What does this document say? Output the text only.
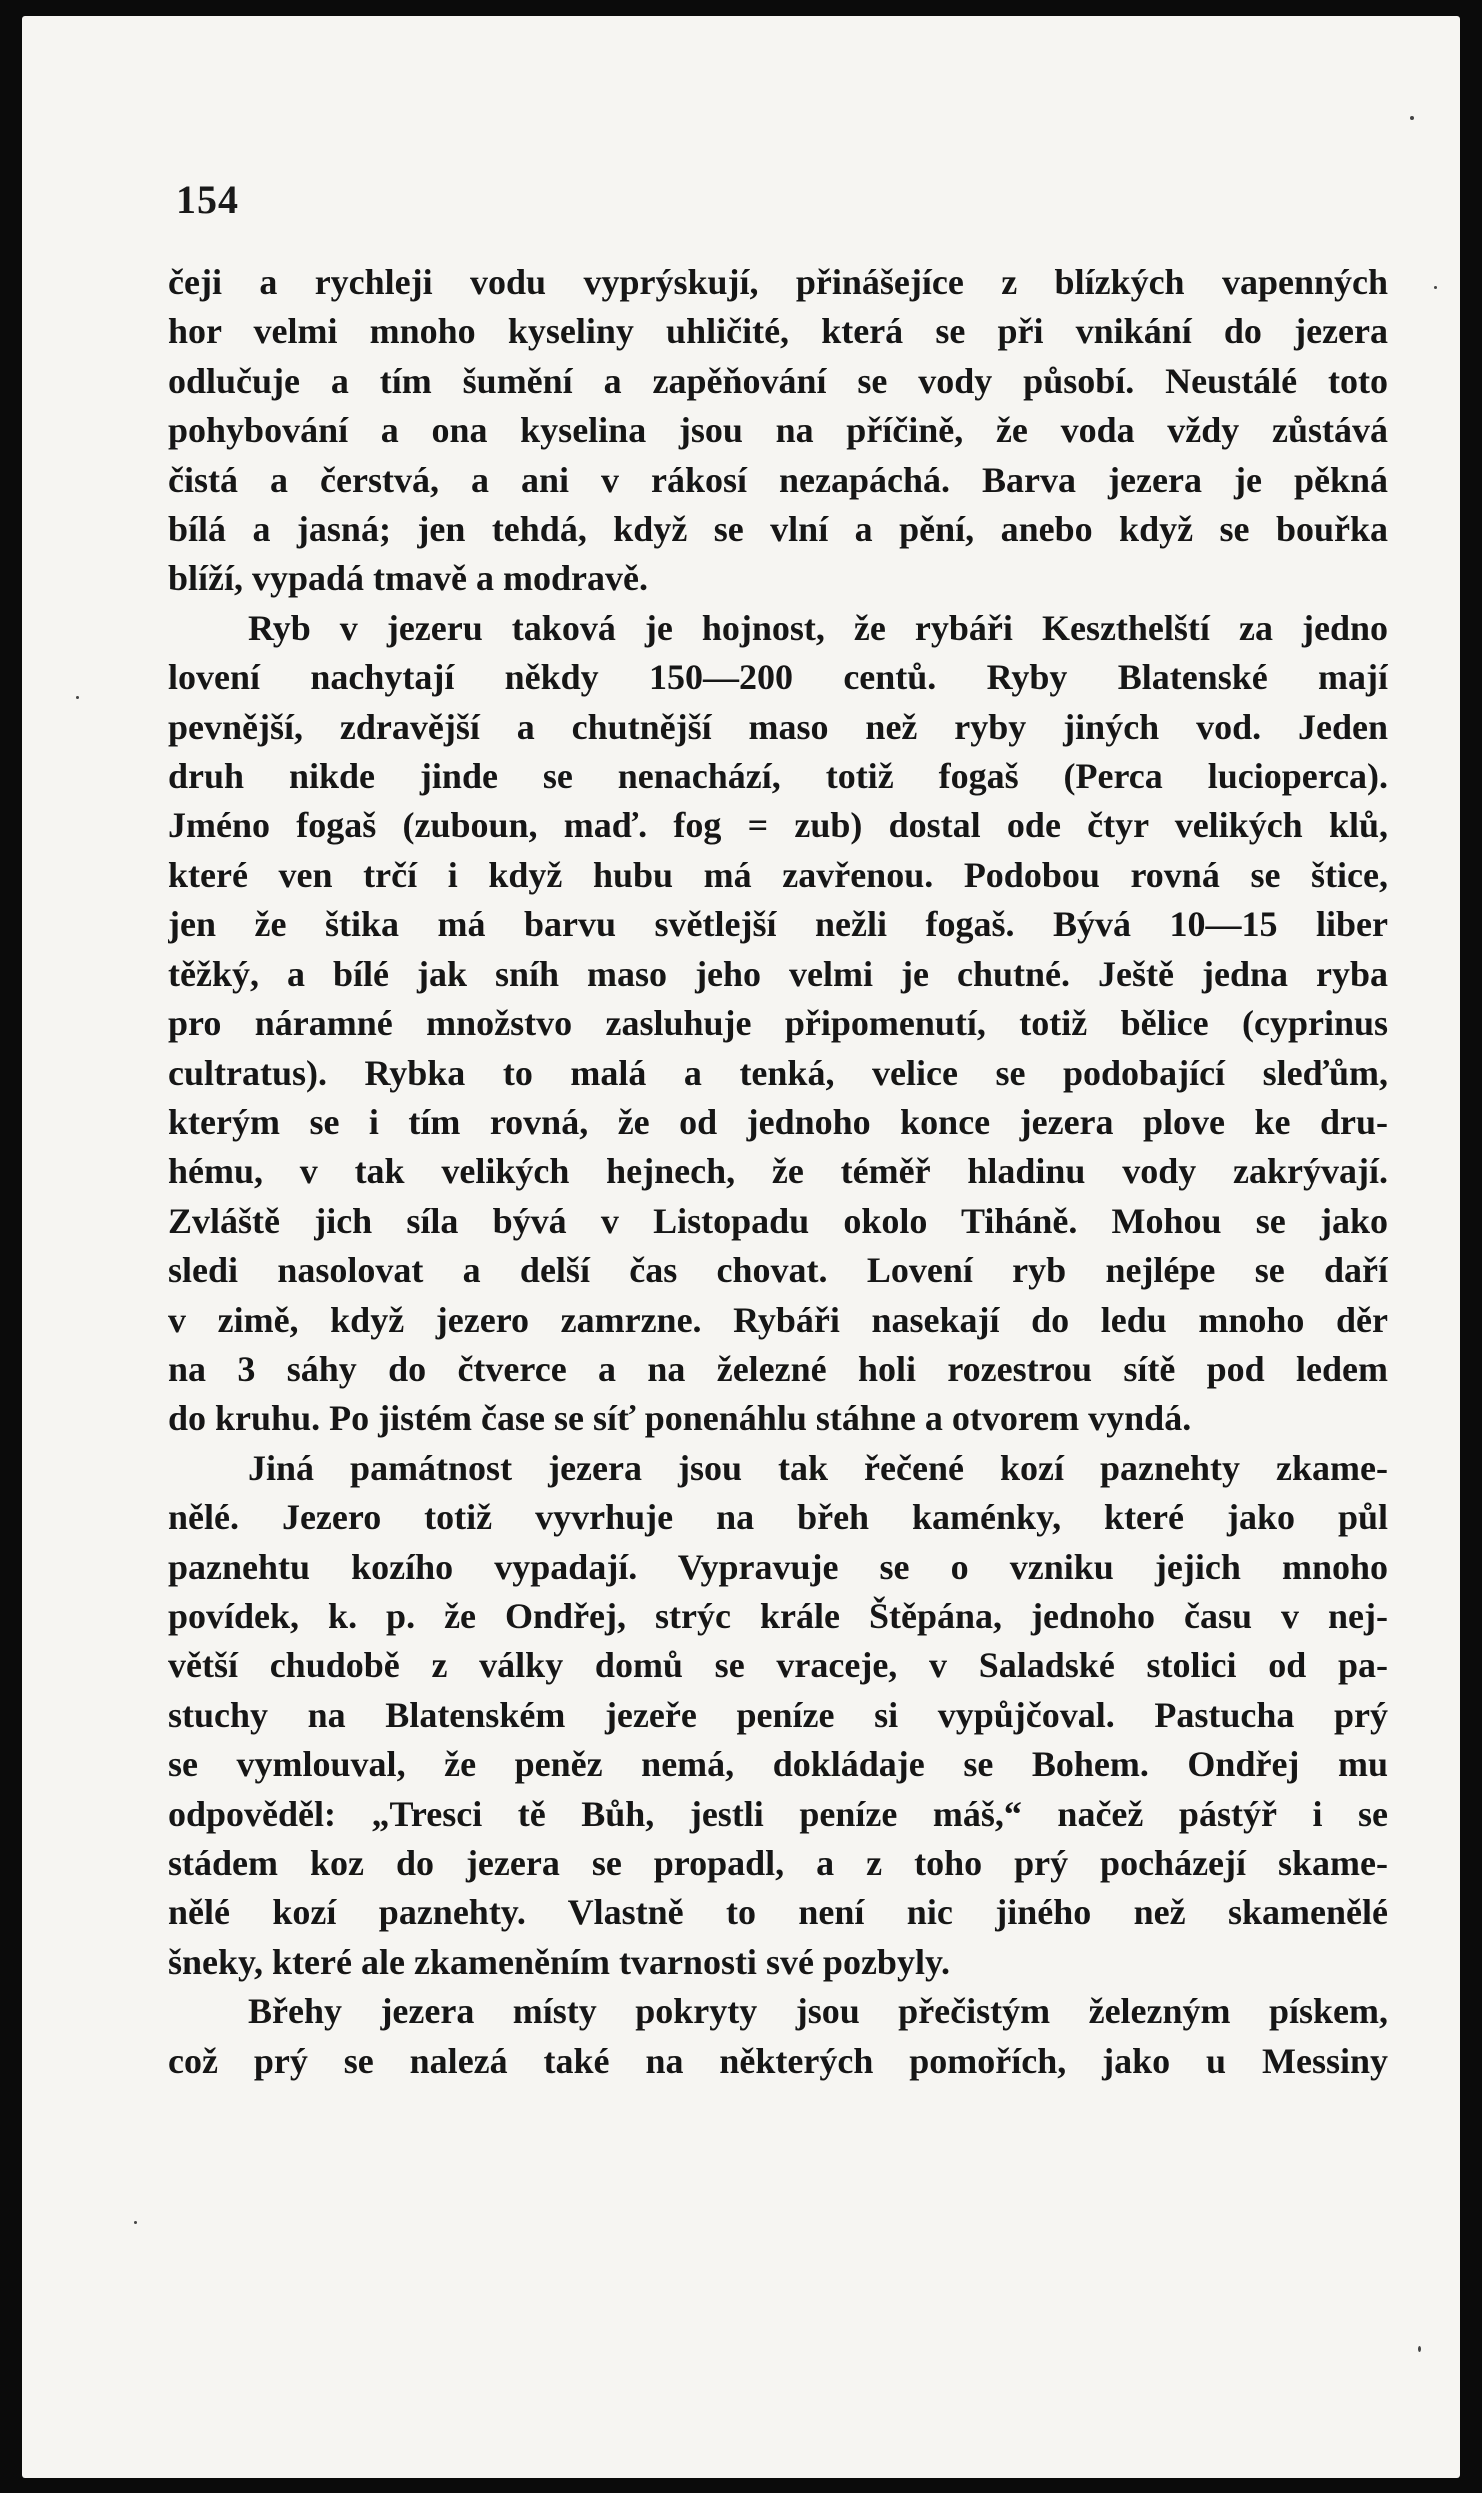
154
čeji a rychleji vodu vyprýskují, přinášejíce z blízkých vapenných
hor velmi mnoho kyseliny uhličité, která se při vnikání do jezera
odlučuje a tím šumění a zapěňování se vody působí. Neustálé toto
pohybování a ona kyselina jsou na příčině, že voda vždy zůstává
čistá a čerstvá, a ani v rákosí nezapáchá. Barva jezera je pěkná
bílá a jasná; jen tehdá, když se vlní a pění, anebo když se bouřka
blíží, vypadá tmavě a modravě.
Ryb v jezeru taková je hojnost, že rybáři Keszthelští za jedno
lovení nachytají někdy 150—200 centů. Ryby Blatenské mají
pevnější, zdravější a chutnější maso než ryby jiných vod. Jeden
druh nikde jinde se nenachází, totiž fogaš (Perca lucioperca).
Jméno fogaš (zuboun, maď. fog = zub) dostal ode čtyr velikých klů,
které ven trčí i když hubu má zavřenou. Podobou rovná se štice,
jen že štika má barvu světlejší nežli fogaš. Bývá 10—15 liber
těžký, a bílé jak sníh maso jeho velmi je chutné. Ještě jedna ryba
pro náramné množstvo zasluhuje připomenutí, totiž bělice (cyprinus
cultratus). Rybka to malá a tenká, velice se podobající sleďům,
kterým se i tím rovná, že od jednoho konce jezera plove ke dru-
hému, v tak velikých hejnech, že téměř hladinu vody zakrývají.
Zvláště jich síla bývá v Listopadu okolo Tiháně. Mohou se jako
sledi nasolovat a delší čas chovat. Lovení ryb nejlépe se daří
v zimě, když jezero zamrzne. Rybáři nasekají do ledu mnoho děr
na 3 sáhy do čtverce a na železné holi rozestrou sítě pod ledem
do kruhu. Po jistém čase se síť ponenáhlu stáhne a otvorem vyndá.
Jiná památnost jezera jsou tak řečené kozí paznehty zkame-
nělé. Jezero totiž vyvrhuje na břeh kaménky, které jako půl
paznehtu kozího vypadají. Vypravuje se o vzniku jejich mnoho
povídek, k. p. že Ondřej, strýc krále Štěpána, jednoho času v nej-
větší chudobě z války domů se vraceje, v Saladské stolici od pa-
stuchy na Blatenském jezeře peníze si vypůjčoval. Pastucha prý
se vymlouval, že peněz nemá, dokládaje se Bohem. Ondřej mu
odpověděl: „Tresci tě Bůh, jestli peníze máš,“ načež pástýř i se
stádem koz do jezera se propadl, a z toho prý pocházejí skame-
nělé kozí paznehty. Vlastně to není nic jiného než skamenělé
šneky, které ale zkameněním tvarnosti své pozbyly.
Břehy jezera místy pokryty jsou přečistým železným pískem,
což prý se nalezá také na některých pomořích, jako u Messiny
